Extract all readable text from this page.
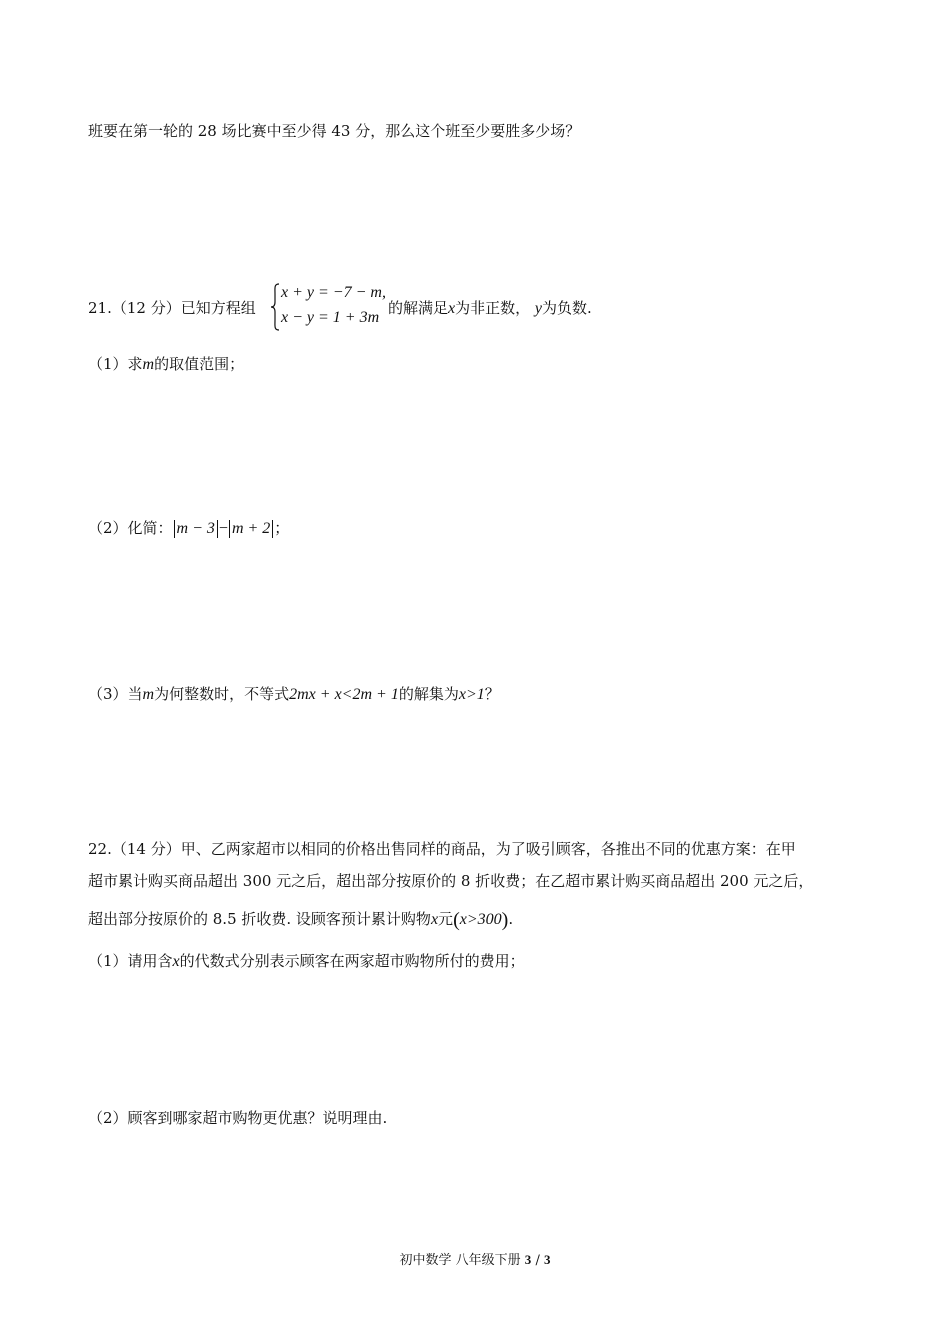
班要在第一轮的 28 场比赛中至少得 43 分，那么这个班至少要胜多少场？
21.（12 分）已知方程组
x + y = −7 − m,
x − y = 1 + 3m
的解满足x为非正数， y为负数.
（1）求m的取值范围；
（2）化简： m − 3 − m + 2 ；
（3）当m为何整数时，不等式2mx + x<2m + 1的解集为x>1？
22.（14 分）甲、乙两家超市以相同的价格出售同样的商品，为了吸引顾客，各推出不同的优惠方案：在甲
超市累计购买商品超出 300 元之后，超出部分按原价的 8 折收费；在乙超市累计购买商品超出 200 元之后，
超出部分按原价的 8.5 折收费. 设顾客预计累计购物x元(x>300).
（1）请用含x的代数式分别表示顾客在两家超市购物所付的费用；
（2）顾客到哪家超市购物更优惠？说明理由.
初中数学 八年级下册 3 / 3
